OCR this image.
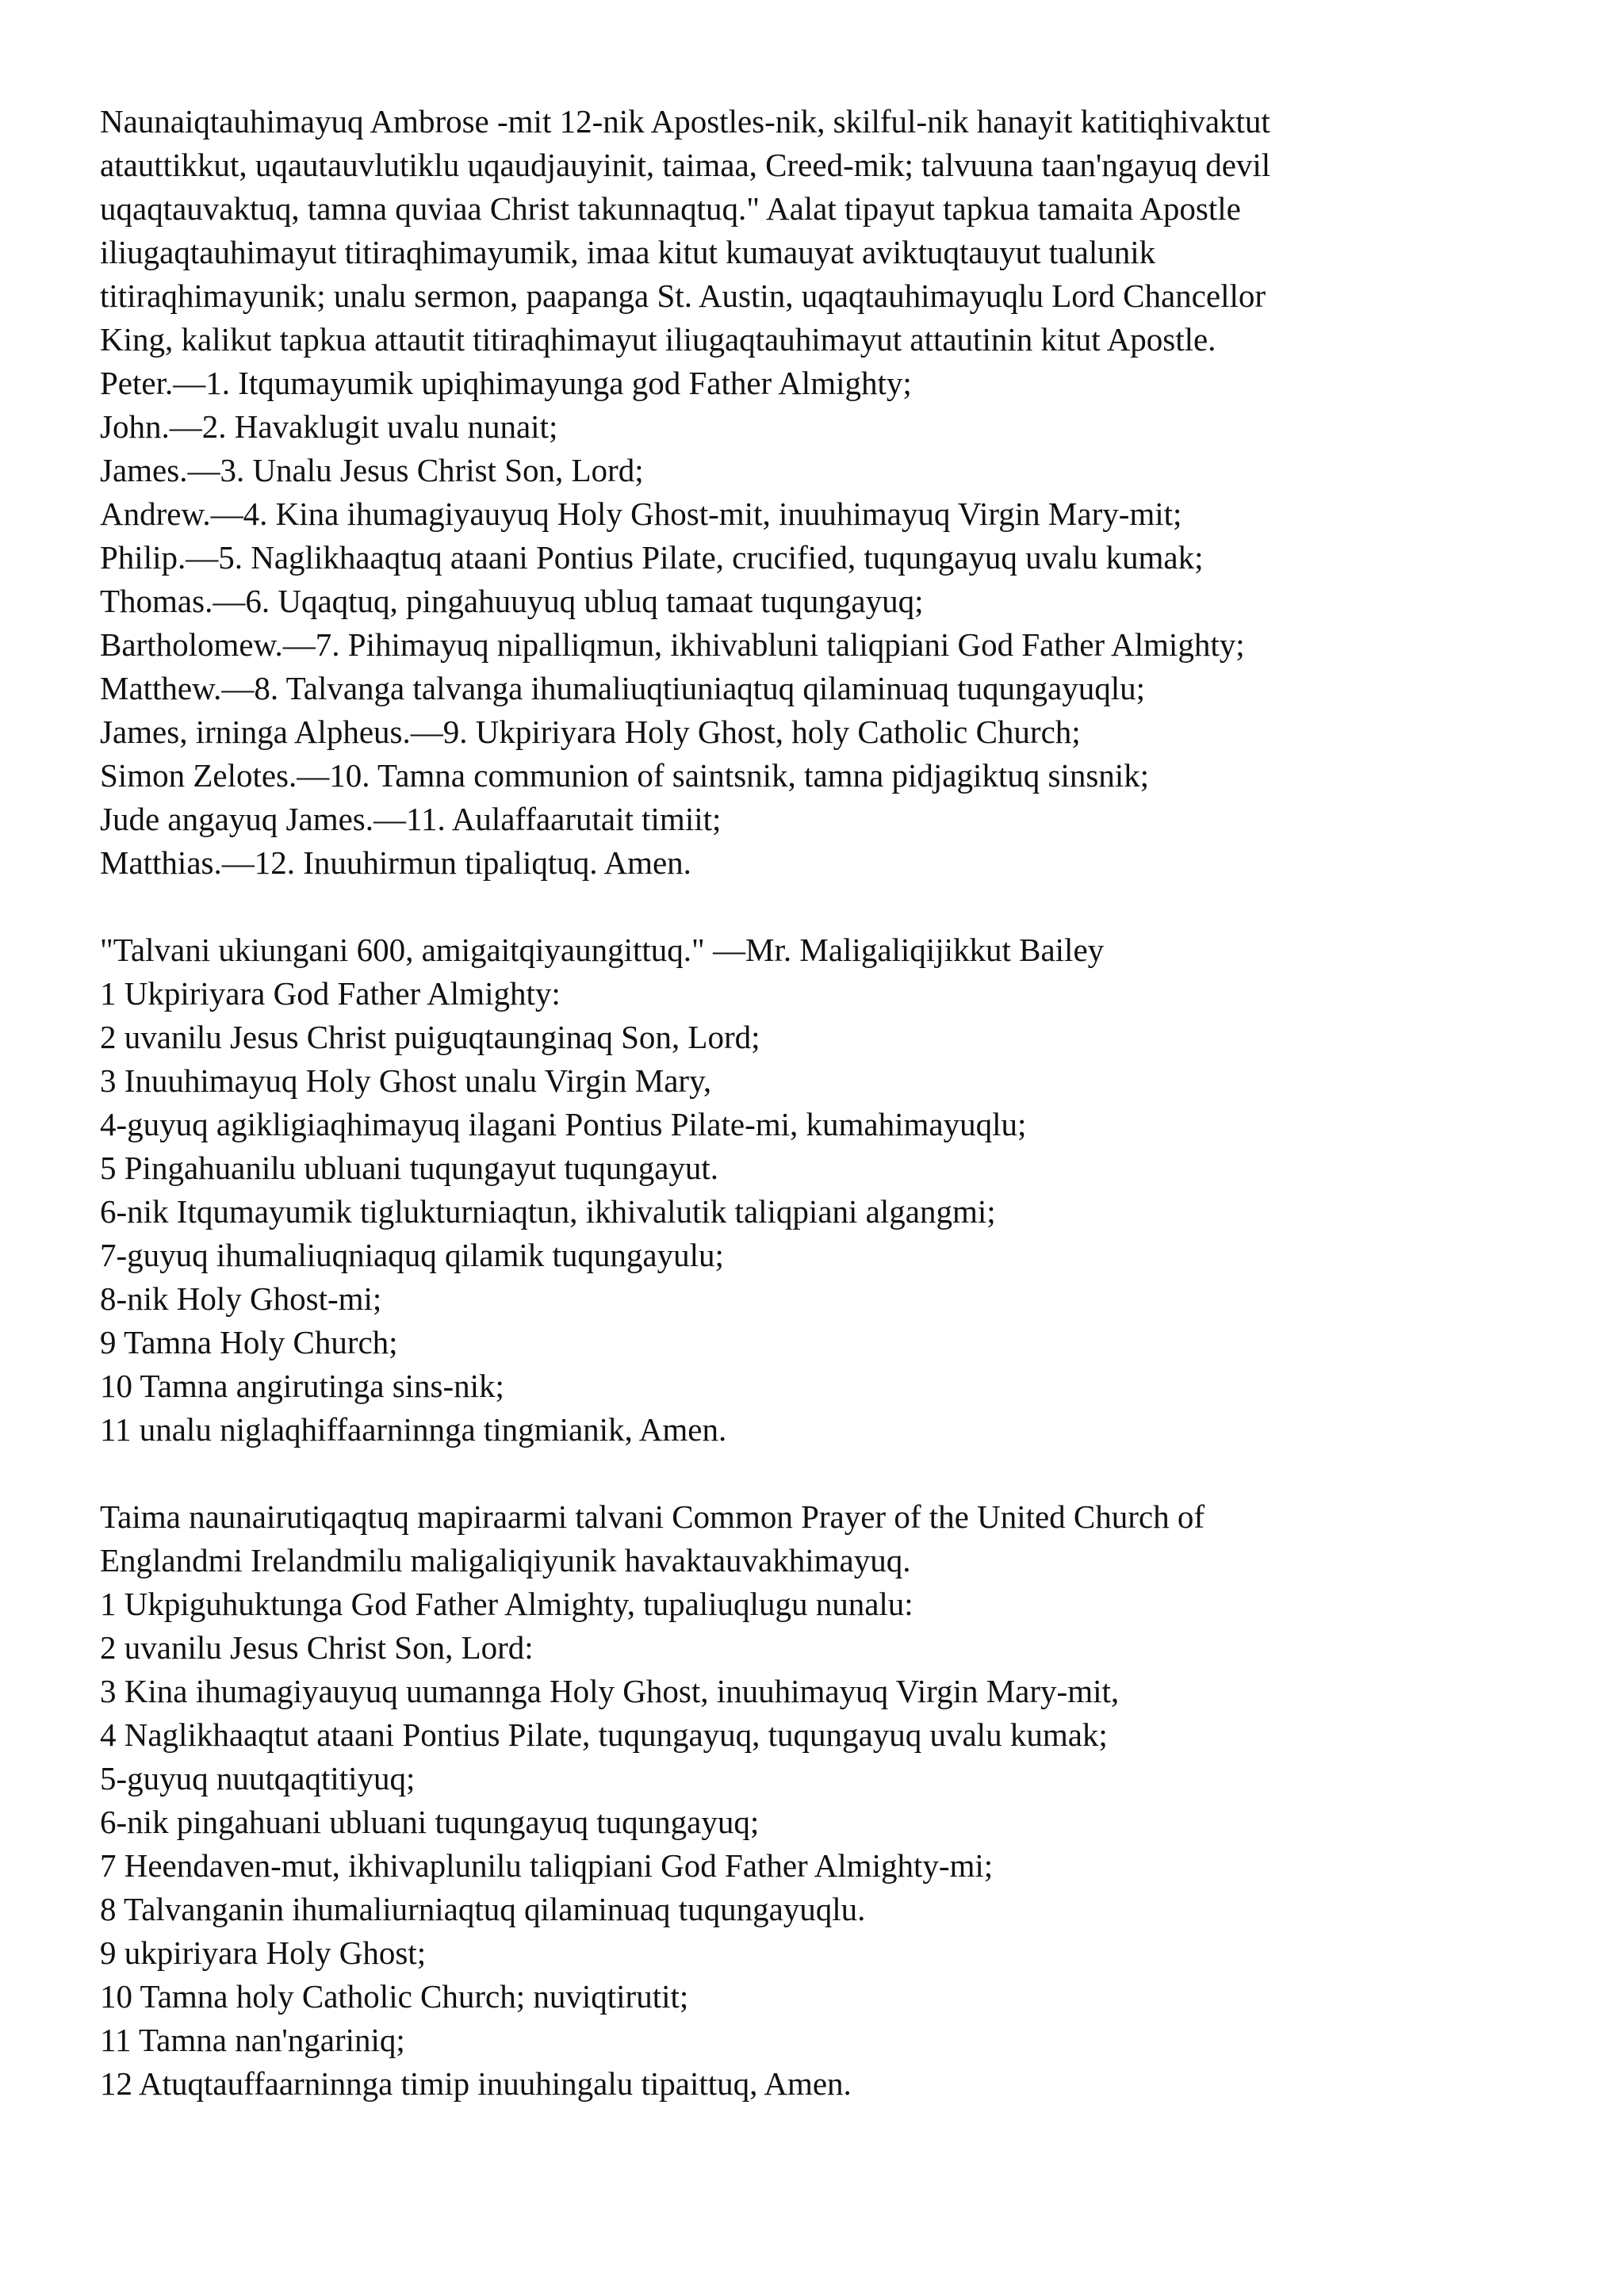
Naunaiqtauhimayuq Ambrose -mit 12-nik Apostles-nik, skilful-nik hanayit katitiqhivaktut
atauttikkut, uqautauvlutiklu uqaudjauyinit, taimaa, Creed-mik; talvuuna taan'ngayuq devil
uqaqtauvaktuq, tamna quviaa Christ takunnaqtuq." Aalat tipayut tapkua tamaita Apostle
iliugaqtauhimayut titiraqhimayumik, imaa kitut kumauyat aviktuqtauyut tualunik
titiraqhimayunik; unalu sermon, paapanga St. Austin, uqaqtauhimayuqlu Lord Chancellor
King, kalikut tapkua attautit titiraqhimayut iliugaqtauhimayut attautinin kitut Apostle.
Peter.—1. Itqumayumik upiqhimayunga god Father Almighty;
John.—2. Havaklugit uvalu nunait;
James.—3. Unalu Jesus Christ Son, Lord;
Andrew.—4. Kina ihumagiyauyuq Holy Ghost-mit, inuuhimayuq Virgin Mary-mit;
Philip.—5. Naglikhaaqtuq ataani Pontius Pilate, crucified, tuqungayuq uvalu kumak;
Thomas.—6. Uqaqtuq, pingahuuyuq ubluq tamaat tuqungayuq;
Bartholomew.—7. Pihimayuq nipalliqmun, ikhivabluni taliqpiani God Father Almighty;
Matthew.—8. Talvanga talvanga ihumaliuqtiuniaqtuq qilaminuaq tuqungayuqlu;
James, irninga Alpheus.—9. Ukpiriyara Holy Ghost, holy Catholic Church;
Simon Zelotes.—10. Tamna communion of saintsnik, tamna pidjagiktuq sinsnik;
Jude angayuq James.—11. Aulaffaarutait timiit;
Matthias.—12. Inuuhirmun tipaliqtuq. Amen.
"Talvani ukiungani 600, amigaitqiyaungittuq." —Mr. Maligaliqijikkut Bailey
1 Ukpiriyara God Father Almighty:
2 uvanilu Jesus Christ puiguqtaunginaq Son, Lord;
3 Inuuhimayuq Holy Ghost unalu Virgin Mary,
4-guyuq agikligiaqhimayuq ilagani Pontius Pilate-mi, kumahimayuqlu;
5 Pingahuanilu ubluani tuqungayut tuqungayut.
6-nik Itqumayumik tiglukturniaqtun, ikhivalutik taliqpiani algangmi;
7-guyuq ihumaliuqniaquq qilamik tuqungayulu;
8-nik Holy Ghost-mi;
9 Tamna Holy Church;
10 Tamna angirutinga sins-nik;
11 unalu niglaqhiffaarninnga tingmianik, Amen.
Taima naunairutiqaqtuq mapiraarmi talvani Common Prayer of the United Church of
Englandmi Irelandmilu maligaliqiyunik havaktauvakhimayuq.
1 Ukpiguhuktunga God Father Almighty, tupaliuqlugu nunalu:
2 uvanilu Jesus Christ Son, Lord:
3 Kina ihumagiyauyuq uumannga Holy Ghost, inuuhimayuq Virgin Mary-mit,
4 Naglikhaaqtut ataani Pontius Pilate, tuqungayuq, tuqungayuq uvalu kumak;
5-guyuq nuutqaqtitiyuq;
6-nik pingahuani ubluani tuqungayuq tuqungayuq;
7 Heendaven-mut, ikhivaplunilu taliqpiani God Father Almighty-mi;
8 Talvanganin ihumaliurniaqtuq qilaminuaq tuqungayuqlu.
9 ukpiriyara Holy Ghost;
10 Tamna holy Catholic Church; nuviqtirutit;
11 Tamna nan'ngariniq;
12 Atuqtauffaarninnga timip inuuhingalu tipaittuq, Amen.
